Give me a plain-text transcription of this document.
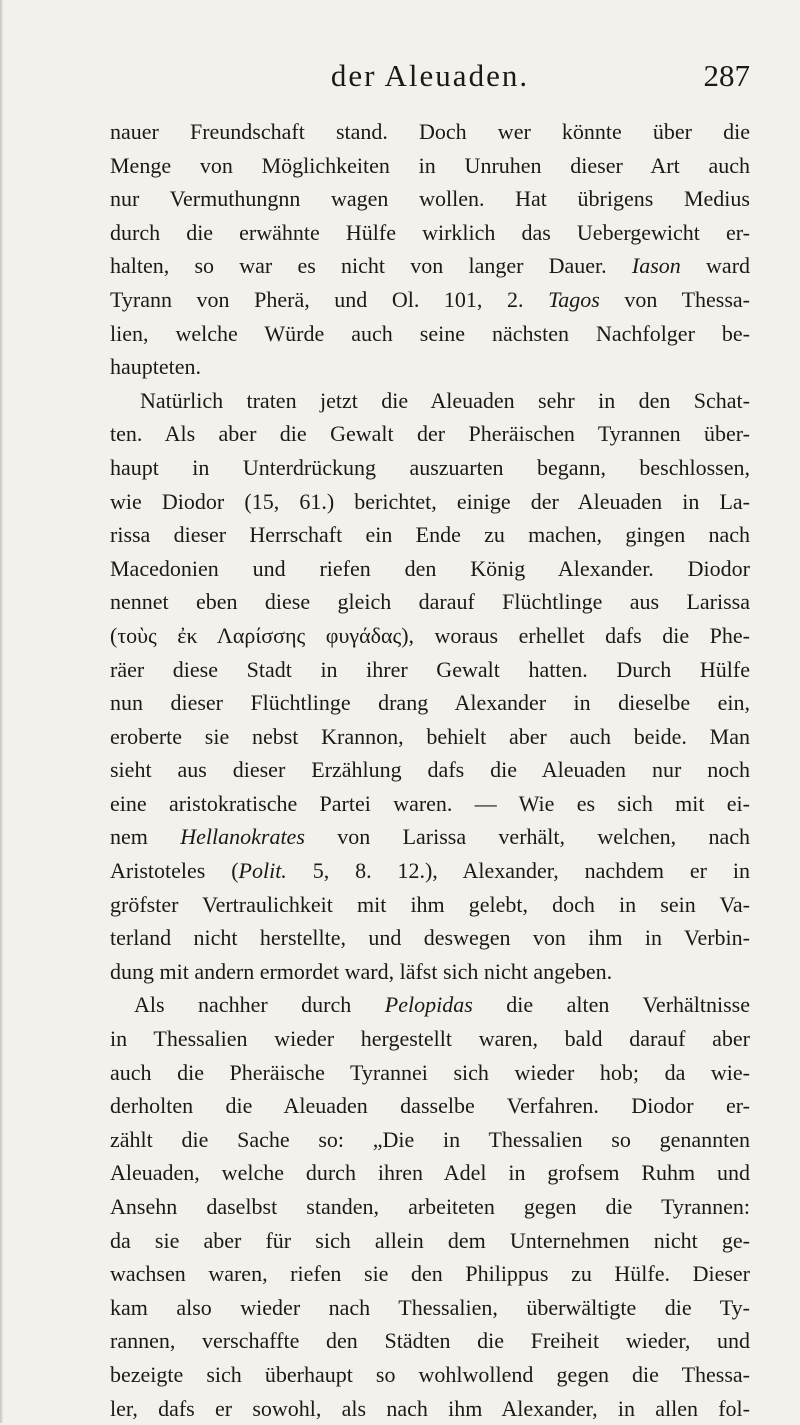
der Aleuaden.	287
nauer Freundschaft stand. Doch wer könnte über die
Menge von Möglichkeiten in Unruhen dieser Art auch
nur Vermuthungnn wagen wollen. Hat übrigens Medius
durch die erwähnte Hülfe wirklich das Uebergewicht er-
halten, so war es nicht von langer Dauer. Iason ward
Tyrann von Pherä, und Ol. 101, 2. Tagos von Thessa-
lien, welche Würde auch seine nächsten Nachfolger be-
haupteten.
Natürlich traten jetzt die Aleuaden sehr in den Schat-
ten. Als aber die Gewalt der Pheräischen Tyrannen über-
haupt in Unterdrückung auszuarten begann, beschlossen,
wie Diodor (15, 61.) berichtet, einige der Aleuaden in La-
rissa dieser Herrschaft ein Ende zu machen, gingen nach
Macedonien und riefen den König Alexander. Diodor
nennet eben diese gleich darauf Flüchtlinge aus Larissa
(τοὺς ἐκ Λαρίσσης φυγάδας), woraus erhellet dafs die Phe-
räer diese Stadt in ihrer Gewalt hatten. Durch Hülfe
nun dieser Flüchtlinge drang Alexander in dieselbe ein,
eroberte sie nebst Krannon, behielt aber auch beide. Man
sieht aus dieser Erzählung dafs die Aleuaden nur noch
eine aristokratische Partei waren. — Wie es sich mit ei-
nem Hellanokrates von Larissa verhält, welchen, nach
Aristoteles (Polit. 5, 8. 12.), Alexander, nachdem er in
gröfster Vertraulichkeit mit ihm gelebt, doch in sein Va-
terland nicht herstellte, und deswegen von ihm in Verbin-
dung mit andern ermordet ward, läfst sich nicht angeben.
Als nachher durch Pelopidas die alten Verhältnisse
in Thessalien wieder hergestellt waren, bald darauf aber
auch die Pheräische Tyrannei sich wieder hob; da wie-
derholten die Aleuaden dasselbe Verfahren. Diodor er-
zählt die Sache so: „Die in Thessalien so genannten
Aleuaden, welche durch ihren Adel in grofsem Ruhm und
Ansehn daselbst standen, arbeiteten gegen die Tyrannen:
da sie aber für sich allein dem Unternehmen nicht ge-
wachsen waren, riefen sie den Philippus zu Hülfe. Dieser
kam also wieder nach Thessalien, überwältigte die Ty-
rannen, verschaffte den Städten die Freiheit wieder, und
bezeigte sich überhaupt so wohlwollend gegen die Thessa-
ler, dafs er sowohl, als nach ihm Alexander, in allen fol-
